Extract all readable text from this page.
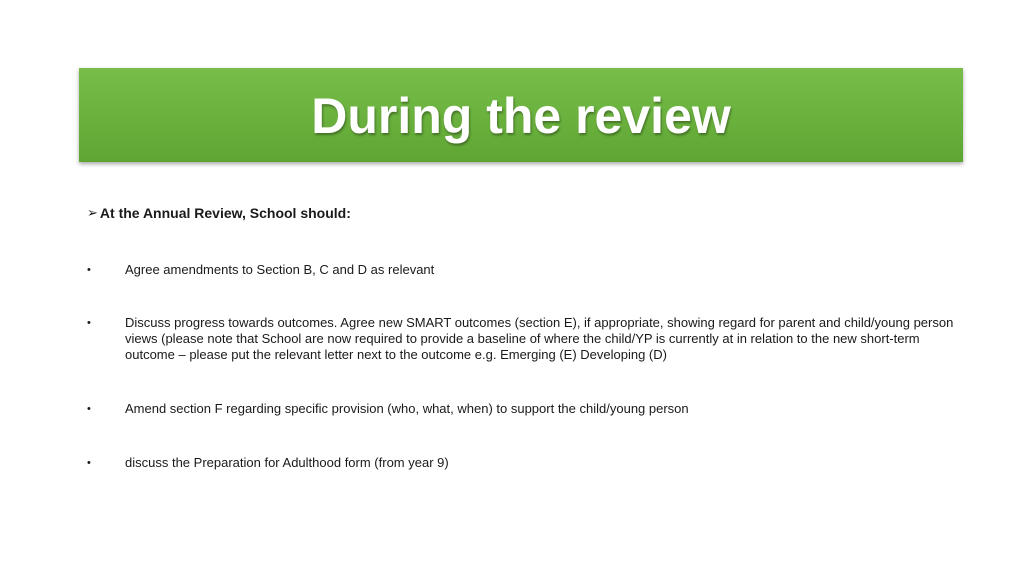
During the review
➢ At the Annual Review, School should:
•	Agree amendments to Section B, C and D as relevant
•	Discuss progress towards outcomes. Agree new SMART outcomes (section E), if appropriate, showing regard for parent and child/young person views (please note that School are now required to provide a baseline of where the child/YP is currently at in relation to the new short-term outcome – please put the relevant letter next to the outcome e.g. Emerging (E) Developing (D)
•	Amend section F regarding specific provision (who, what, when) to support the child/young person
•	discuss the Preparation for Adulthood form (from year 9)
